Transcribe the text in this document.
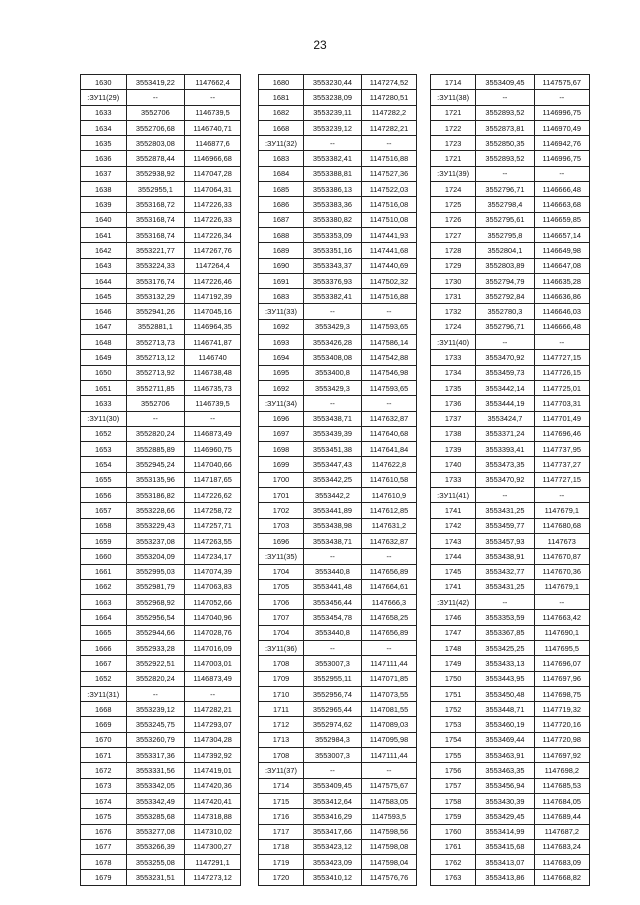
23
1630	3553419,22	1147662,4
:ЗУ11(29)	--	--
1633	3552706	1146739,5
1634	3552706,68	1146740,71
1635	3552803,08	1146877,6
1636	3552878,44	1146966,68
1637	3552938,92	1147047,28
1638	3552955,1	1147064,31
1639	3553168,72	1147226,33
1640	3553168,74	1147226,33
1641	3553168,74	1147226,34
1642	3553221,77	1147267,76
1643	3553224,33	1147264,4
1644	3553176,74	1147226,46
1645	3553132,29	1147192,39
1646	3552941,26	1147045,16
1647	3552881,1	1146964,35
1648	3552713,73	1146741,87
1649	3552713,12	1146740
1650	3552713,92	1146738,48
1651	3552711,85	1146735,73
1633	3552706	1146739,5
:ЗУ11(30)	--	--
1652	3552820,24	1146873,49
1653	3552885,89	1146960,75
1654	3552945,24	1147040,66
1655	3553135,96	1147187,65
1656	3553186,82	1147226,62
1657	3553228,66	1147258,72
1658	3553229,43	1147257,71
1659	3553237,08	1147263,55
1660	3553204,09	1147234,17
1661	3552995,03	1147074,39
1662	3552981,79	1147063,83
1663	3552968,92	1147052,66
1664	3552956,54	1147040,96
1665	3552944,66	1147028,76
1666	3552933,28	1147016,09
1667	3552922,51	1147003,01
1652	3552820,24	1146873,49
:ЗУ11(31)	--	--
1668	3553239,12	1147282,21
1669	3553245,75	1147293,07
1670	3553260,79	1147304,28
1671	3553317,36	1147392,92
1672	3553331,56	1147419,01
1673	3553342,05	1147420,36
1674	3553342,49	1147420,41
1675	3553285,68	1147318,88
1676	3553277,08	1147310,02
1677	3553266,39	1147300,27
1678	3553255,08	1147291,1
1679	3553231,51	1147273,12
1680	3553230,44	1147274,52
1681	3553238,09	1147280,51
1682	3553239,11	1147282,2
1668	3553239,12	1147282,21
:ЗУ11(32)	--	--
1683	3553382,41	1147516,88
1684	3553388,81	1147527,36
1685	3553386,13	1147522,03
1686	3553383,36	1147516,08
1687	3553380,82	1147510,08
1688	3553353,09	1147441,93
1689	3553351,16	1147441,68
1690	3553343,37	1147440,69
1691	3553376,93	1147502,32
1683	3553382,41	1147516,88
:ЗУ11(33)	--	--
1692	3553429,3	1147593,65
1693	3553426,28	1147586,14
1694	3553408,08	1147542,88
1695	3553400,8	1147546,98
1692	3553429,3	1147593,65
:ЗУ11(34)	--	--
1696	3553438,71	1147632,87
1697	3553439,39	1147640,68
1698	3553451,38	1147641,84
1699	3553447,43	1147622,8
1700	3553442,25	1147610,58
1701	3553442,2	1147610,9
1702	3553441,89	1147612,85
1703	3553438,98	1147631,2
1696	3553438,71	1147632,87
:ЗУ11(35)	--	--
1704	3553440,8	1147656,89
1705	3553441,48	1147664,61
1706	3553456,44	1147666,3
1707	3553454,78	1147658,25
1704	3553440,8	1147656,89
:ЗУ11(36)	--	--
1708	3553007,3	1147111,44
1709	3552955,11	1147071,85
1710	3552956,74	1147073,55
1711	3552965,44	1147081,55
1712	3552974,62	1147089,03
1713	3552984,3	1147095,98
1708	3553007,3	1147111,44
:ЗУ11(37)	--	--
1714	3553409,45	1147575,67
1715	3553412,64	1147583,05
1716	3553416,29	1147593,5
1717	3553417,66	1147598,56
1718	3553423,12	1147598,08
1719	3553423,09	1147598,04
1720	3553410,12	1147576,76
1714	3553409,45	1147575,67
:ЗУ11(38)	--	--
1721	3552893,52	1146996,75
1722	3552873,81	1146970,49
1723	3552850,35	1146942,76
1721	3552893,52	1146996,75
:ЗУ11(39)	--	--
1724	3552796,71	1146666,48
1725	3552798,4	1146663,68
1726	3552795,61	1146659,85
1727	3552795,8	1146657,14
1728	3552804,1	1146649,98
1729	3552803,89	1146647,08
1730	3552794,79	1146635,28
1731	3552792,84	1146636,86
1732	3552780,3	1146646,03
1724	3552796,71	1146666,48
:ЗУ11(40)	--	--
1733	3553470,92	1147727,15
1734	3553459,73	1147726,15
1735	3553442,14	1147725,01
1736	3553444,19	1147703,31
1737	3553424,7	1147701,49
1738	3553371,24	1147696,46
1739	3553393,41	1147737,95
1740	3553473,35	1147737,27
1733	3553470,92	1147727,15
:ЗУ11(41)	--	--
1741	3553431,25	1147679,1
1742	3553459,77	1147680,68
1743	3553457,93	1147673
1744	3553438,91	1147670,87
1745	3553432,77	1147670,36
1741	3553431,25	1147679,1
:ЗУ11(42)	--	--
1746	3553353,59	1147663,42
1747	3553367,85	1147690,1
1748	3553425,25	1147695,5
1749	3553433,13	1147696,07
1750	3553443,95	1147697,96
1751	3553450,48	1147698,75
1752	3553448,71	1147719,32
1753	3553460,19	1147720,16
1754	3553469,44	1147720,98
1755	3553463,91	1147697,92
1756	3553463,35	1147698,2
1757	3553456,94	1147685,53
1758	3553430,39	1147684,05
1759	3553429,45	1147689,44
1760	3553414,99	1147687,2
1761	3553415,68	1147683,24
1762	3553413,07	1147683,09
1763	3553413,86	1147668,82
